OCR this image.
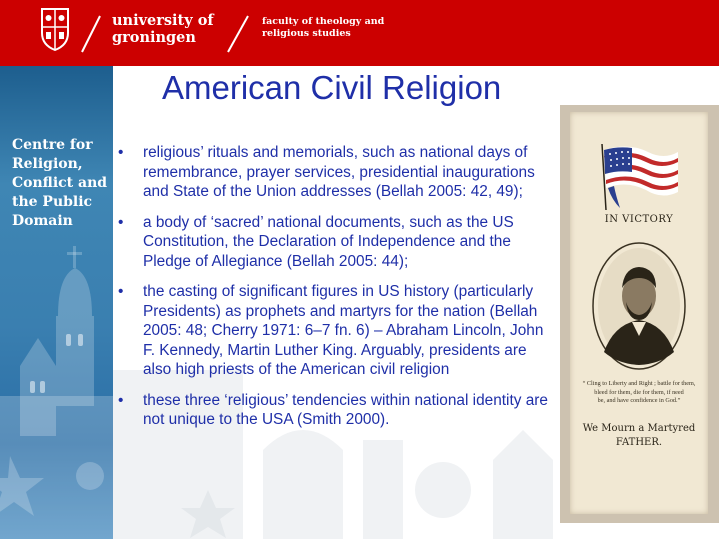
university of
groningen
faculty of theology and
religious studies
Centre for
Religion,
Conflict and
the Public
Domain
American Civil Religion
• religious’ rituals and memorials, such as national days of remembrance, prayer services, presidential inaugurations and State of the Union addresses (Bellah 2005: 42, 49);
• a body of ‘sacred’ national documents, such as the US Constitution, the Declaration of Independence and the Pledge of Allegiance (Bellah 2005: 44);
• the casting of significant figures in US history (particularly Presidents) as prophets and martyrs for the nation (Bellah 2005: 48; Cherry 1971: 6–7 fn. 6) – Abraham Lincoln, John F. Kennedy, Martin Luther King. Arguably, presidents are also high priests of the American civil religion
• these three ‘religious’ tendencies within national identity are not unique to the USA (Smith 2000).
IN VICTORY
“ Cling to Liberty and Right ; battle for them,
bleed for them, die for them, if need
be, and have confidence in God.”
We Mourn a Martyred
FATHER.
